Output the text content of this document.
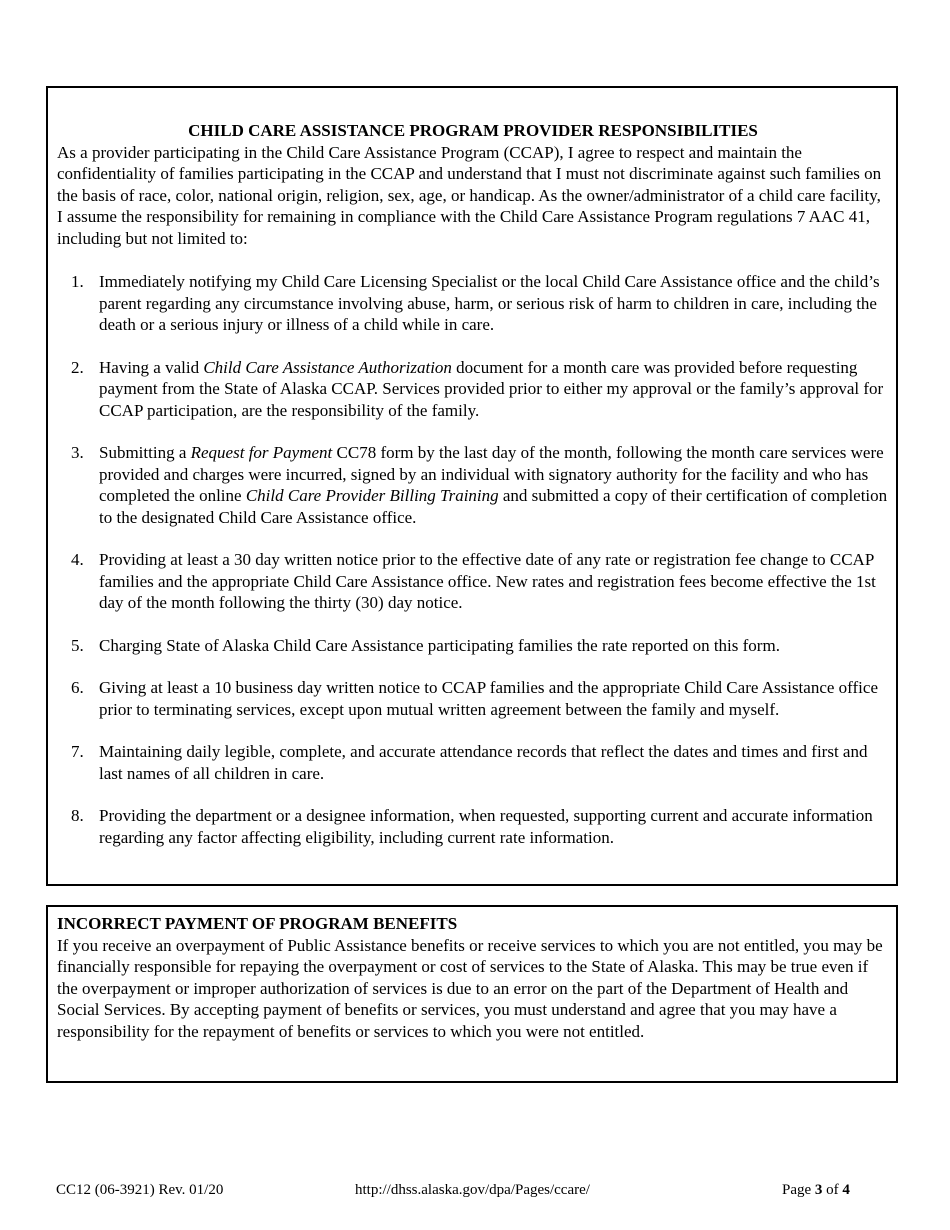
CHILD CARE ASSISTANCE PROGRAM PROVIDER RESPONSIBILITIES

As a provider participating in the Child Care Assistance Program (CCAP), I agree to respect and maintain the confidentiality of families participating in the CCAP and understand that I must not discriminate against such families on the basis of race, color, national origin, religion, sex, age, or handicap. As the owner/administrator of a child care facility, I assume the responsibility for remaining in compliance with the Child Care Assistance Program regulations 7 AAC 41, including but not limited to:

1. Immediately notifying my Child Care Licensing Specialist or the local Child Care Assistance office and the child’s parent regarding any circumstance involving abuse, harm, or serious risk of harm to children in care, including the death or a serious injury or illness of a child while in care.
2. Having a valid Child Care Assistance Authorization document for a month care was provided before requesting payment from the State of Alaska CCAP. Services provided prior to either my approval or the family’s approval for CCAP participation, are the responsibility of the family.
3. Submitting a Request for Payment CC78 form by the last day of the month, following the month care services were provided and charges were incurred, signed by an individual with signatory authority for the facility and who has completed the online Child Care Provider Billing Training and submitted a copy of their certification of completion to the designated Child Care Assistance office.
4. Providing at least a 30 day written notice prior to the effective date of any rate or registration fee change to CCAP families and the appropriate Child Care Assistance office. New rates and registration fees become effective the 1st day of the month following the thirty (30) day notice.
5. Charging State of Alaska Child Care Assistance participating families the rate reported on this form.
6. Giving at least a 10 business day written notice to CCAP families and the appropriate Child Care Assistance office prior to terminating services, except upon mutual written agreement between the family and myself.
7. Maintaining daily legible, complete, and accurate attendance records that reflect the dates and times and first and last names of all children in care.
8. Providing the department or a designee information, when requested, supporting current and accurate information regarding any factor affecting eligibility, including current rate information.
INCORRECT PAYMENT OF PROGRAM BENEFITS

If you receive an overpayment of Public Assistance benefits or receive services to which you are not entitled, you may be financially responsible for repaying the overpayment or cost of services to the State of Alaska. This may be true even if the overpayment or improper authorization of services is due to an error on the part of the Department of Health and Social Services. By accepting payment of benefits or services, you must understand and agree that you may have a responsibility for the repayment of benefits or services to which you were not entitled.

CC12 (06-3921) Rev. 01/20	http://dhss.alaska.gov/dpa/Pages/ccare/	Page 3 of 4
